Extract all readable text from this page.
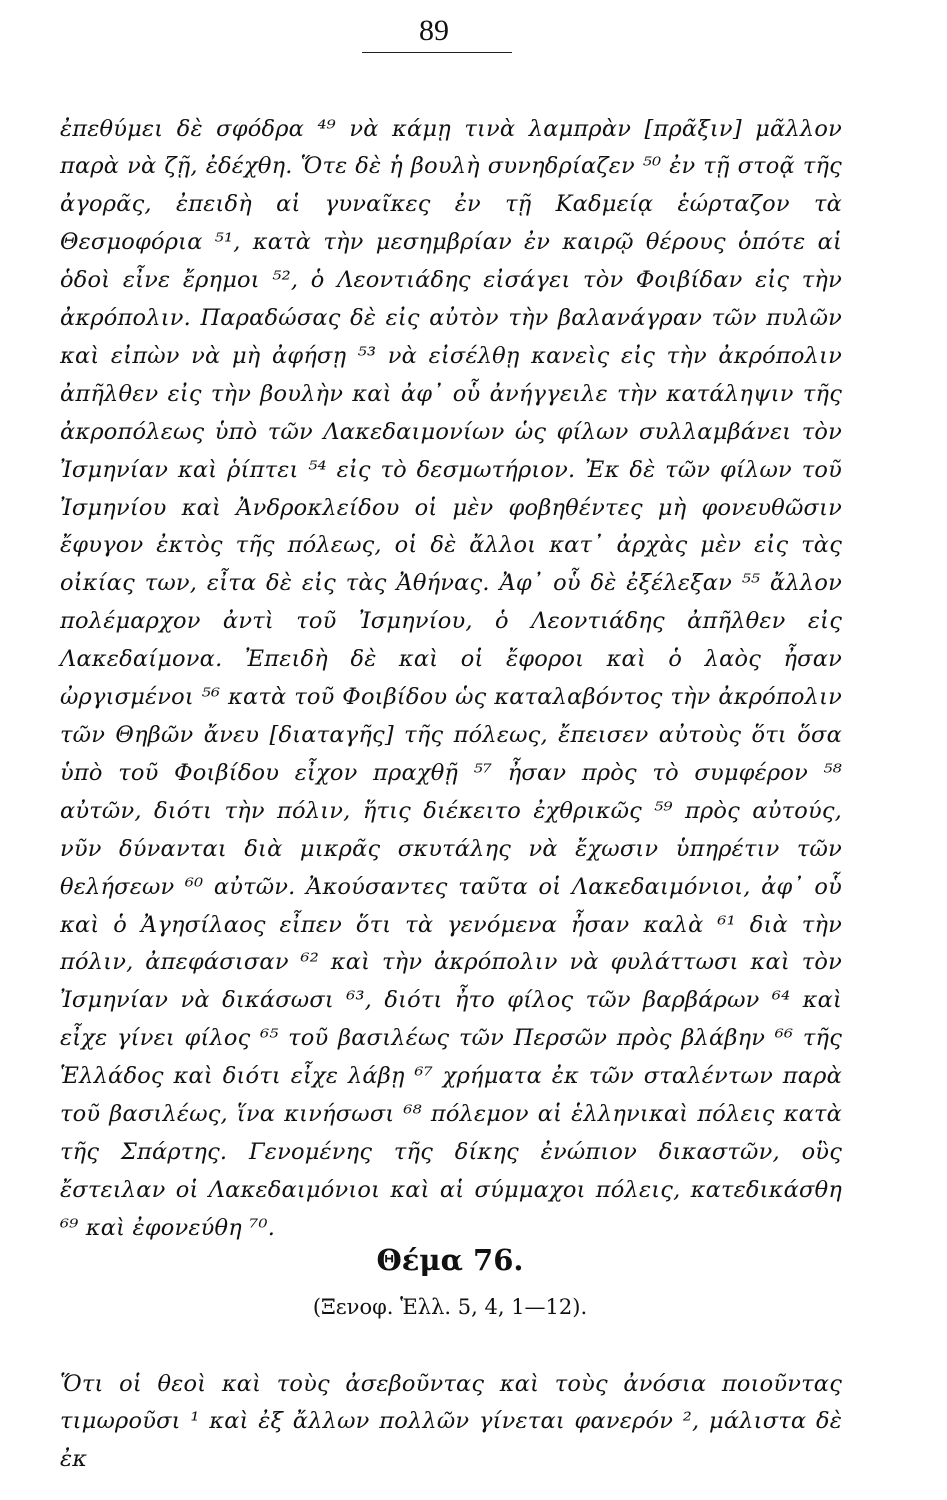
89

ἐπεθύμει δὲ σφόδρα ⁴⁹ νὰ κάμῃ τινὰ λαμπρὰν [πρᾶξιν] μᾶλλον παρὰ νὰ ζῇ, ἐδέχθη. Ὅτε δὲ ἡ βουλὴ συνηδρίαζεν ⁵⁰ ἐν τῇ στοᾷ τῆς ἀγορᾶς, ἐπειδὴ αἱ γυναῖκες ἐν τῇ Καδμείᾳ ἑώρταζον τὰ Θεσμοφόρια ⁵¹, κατὰ τὴν μεσημβρίαν ἐν καιρῷ θέρους ὁπότε αἱ ὁδοὶ εἶνε ἔρημοι ⁵², ὁ Λεοντιάδης εἰσάγει τὸν Φοιβίδαν εἰς τὴν ἀκρόπολιν. Παραδώσας δὲ εἰς αὐτὸν τὴν βαλανάγραν τῶν πυλῶν καὶ εἰπὼν νὰ μὴ ἀφήσῃ ⁵³ νὰ εἰσέλθῃ κανεὶς εἰς τὴν ἀκρόπολιν ἀπῆλθεν εἰς τὴν βουλὴν καὶ ἀφ᾽ οὗ ἀνήγγειλε τὴν κατάληψιν τῆς ἀκροπόλεως ὑπὸ τῶν Λακεδαιμονίων ὡς φίλων συλλαμβάνει τὸν Ἰσμηνίαν καὶ ῥίπτει ⁵⁴ εἰς τὸ δεσμωτήριον. Ἐκ δὲ τῶν φίλων τοῦ Ἰσμηνίου καὶ Ἀνδροκλείδου οἱ μὲν φοβηθέντες μὴ φονευθῶσιν ἔφυγον ἐκτὸς τῆς πόλεως, οἱ δὲ ἄλλοι κατ᾽ ἀρχὰς μὲν εἰς τὰς οἰκίας των, εἶτα δὲ εἰς τὰς Ἀθήνας. Ἀφ᾽ οὗ δὲ ἐξέλεξαν ⁵⁵ ἄλλον πολέμαρχον ἀντὶ τοῦ Ἰσμηνίου, ὁ Λεοντιάδης ἀπῆλθεν εἰς Λακεδαίμονα. Ἐπειδὴ δὲ καὶ οἱ ἔφοροι καὶ ὁ λαὸς ἦσαν ὠργισμένοι ⁵⁶ κατὰ τοῦ Φοιβίδου ὡς καταλαβόντος τὴν ἀκρόπολιν τῶν Θηβῶν ἄνευ [διαταγῆς] τῆς πόλεως, ἔπεισεν αὐτοὺς ὅτι ὅσα ὑπὸ τοῦ Φοιβίδου εἶχον πραχθῇ ⁵⁷ ἦσαν πρὸς τὸ συμφέρον ⁵⁸ αὐτῶν, διότι τὴν πόλιν, ἥτις διέκειτο ἐχθρικῶς ⁵⁹ πρὸς αὐτούς, νῦν δύνανται διὰ μικρᾶς σκυτάλης νὰ ἔχωσιν ὑπηρέτιν τῶν θελήσεων ⁶⁰ αὐτῶν. Ἀκούσαντες ταῦτα οἱ Λακεδαιμόνιοι, ἀφ᾽ οὗ καὶ ὁ Ἀγησίλαος εἶπεν ὅτι τὰ γενόμενα ἦσαν καλὰ ⁶¹ διὰ τὴν πόλιν, ἀπεφάσισαν ⁶² καὶ τὴν ἀκρόπολιν νὰ φυλάττωσι καὶ τὸν Ἰσμηνίαν νὰ δικάσωσι ⁶³, διότι ἦτο φίλος τῶν βαρβάρων ⁶⁴ καὶ εἶχε γίνει φίλος ⁶⁵ τοῦ βασιλέως τῶν Περσῶν πρὸς βλάβην ⁶⁶ τῆς Ἑλλάδος καὶ διότι εἶχε λάβῃ ⁶⁷ χρήματα ἐκ τῶν σταλέντων παρὰ τοῦ βασιλέως, ἵνα κινήσωσι ⁶⁸ πόλεμον αἱ ἑλληνικαὶ πόλεις κατὰ τῆς Σπάρτης. Γενομένης τῆς δίκης ἐνώπιον δικαστῶν, οὓς ἔστειλαν οἱ Λακεδαιμόνιοι καὶ αἱ σύμμαχοι πόλεις, κατεδικάσθη ⁶⁹ καὶ ἐφονεύθη ⁷⁰.

Θέμα 76.
(Ξενοφ. Ἑλλ. 5, 4, 1—12).

Ὅτι οἱ θεοὶ καὶ τοὺς ἀσεβοῦντας καὶ τοὺς ἀνόσια ποιοῦντας τιμωροῦσι ¹ καὶ ἐξ ἄλλων πολλῶν γίνεται φανερόν ², μάλιστα δὲ ἐκ
